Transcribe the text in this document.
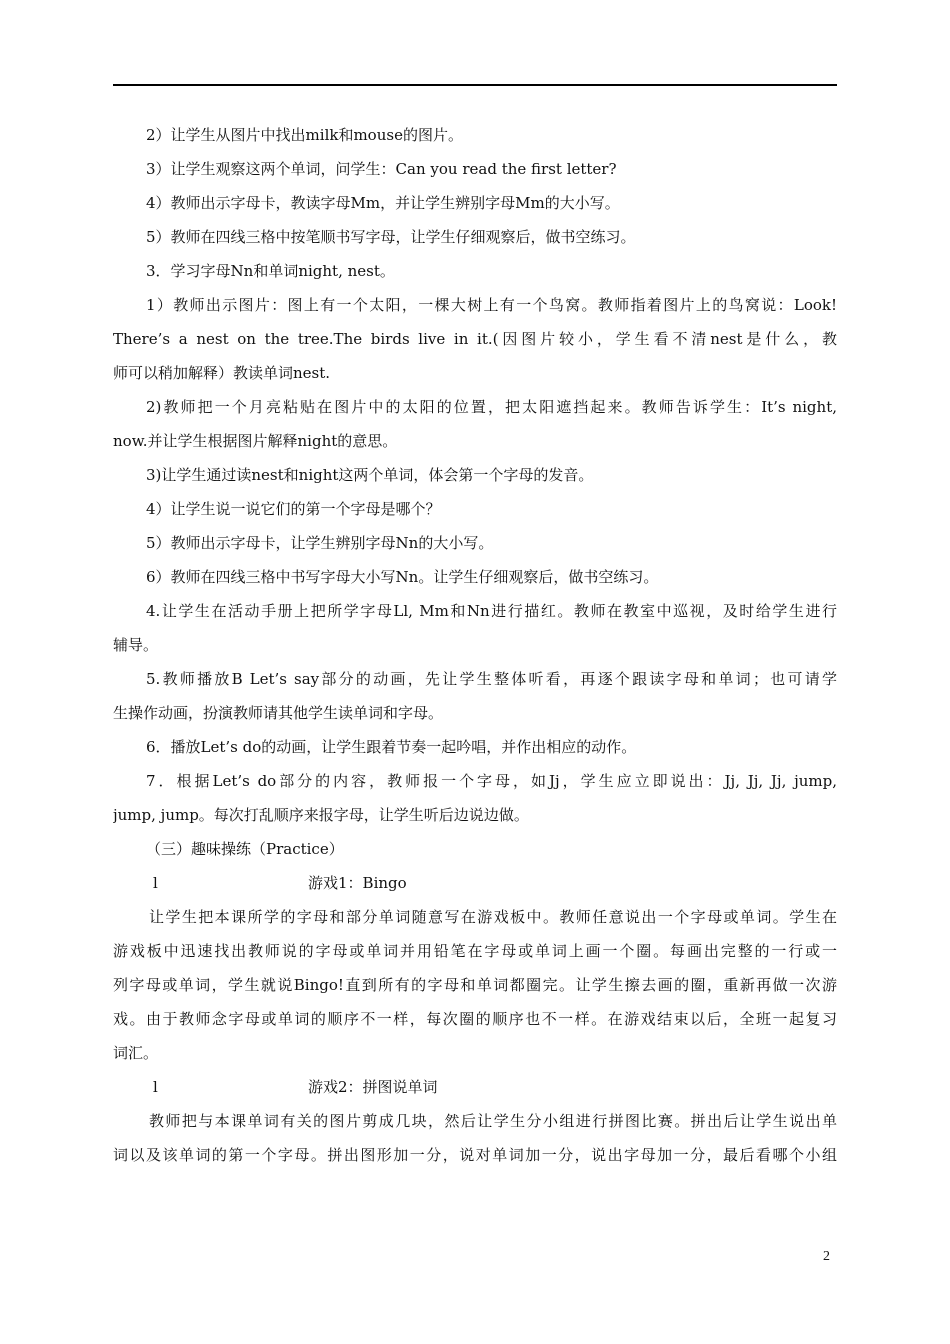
2）让学生从图片中找出milk和mouse的图片。
3）让学生观察这两个单词，问学生：Can you read the first letter?
4）教师出示字母卡，教读字母Mm，并让学生辨别字母Mm的大小写。
5）教师在四线三格中按笔顺书写字母，让学生仔细观察后，做书空练习。
3．学习字母Nn和单词night, nest。
1）教师出示图片：图上有一个太阳，一棵大树上有一个鸟窝。教师指着图片上的鸟窝说：Look!
There’s a nest on the tree.The birds live in it.(因图片较小，学生看不清nest是什么，教
师可以稍加解释）教读单词nest.
2)教师把一个月亮粘贴在图片中的太阳的位置，把太阳遮挡起来。教师告诉学生：It’s night,
now.并让学生根据图片解释night的意思。
3)让学生通过读nest和night这两个单词，体会第一个字母的发音。
4）让学生说一说它们的第一个字母是哪个？
5）教师出示字母卡，让学生辨别字母Nn的大小写。
6）教师在四线三格中书写字母大小写Nn。让学生仔细观察后，做书空练习。
4.让学生在活动手册上把所学字母Ll, Mm和Nn进行描红。教师在教室中巡视，及时给学生进行
辅导。
5.教师播放B Let’s say部分的动画，先让学生整体听看，再逐个跟读字母和单词；也可请学
生操作动画，扮演教师请其他学生读单词和字母。
6．播放Let’s do的动画，让学生跟着节奏一起吟唱，并作出相应的动作。
7．根据Let’s do部分的内容，教师报一个字母，如Jj，学生应立即说出：Jj, Jj, Jj, jump,
jump, jump。每次打乱顺序来报字母，让学生听后边说边做。
（三）趣味操练（Practice）
l	游戏1：Bingo
让学生把本课所学的字母和部分单词随意写在游戏板中。教师任意说出一个字母或单词。学生在
游戏板中迅速找出教师说的字母或单词并用铅笔在字母或单词上画一个圈。每画出完整的一行或一
列字母或单词，学生就说Bingo!直到所有的字母和单词都圈完。让学生擦去画的圈，重新再做一次游
戏。由于教师念字母或单词的顺序不一样，每次圈的顺序也不一样。在游戏结束以后，全班一起复习
词汇。
l	游戏2：拼图说单词
教师把与本课单词有关的图片剪成几块，然后让学生分小组进行拼图比赛。拼出后让学生说出单
词以及该单词的第一个字母。拼出图形加一分，说对单词加一分，说出字母加一分，最后看哪个小组
2
